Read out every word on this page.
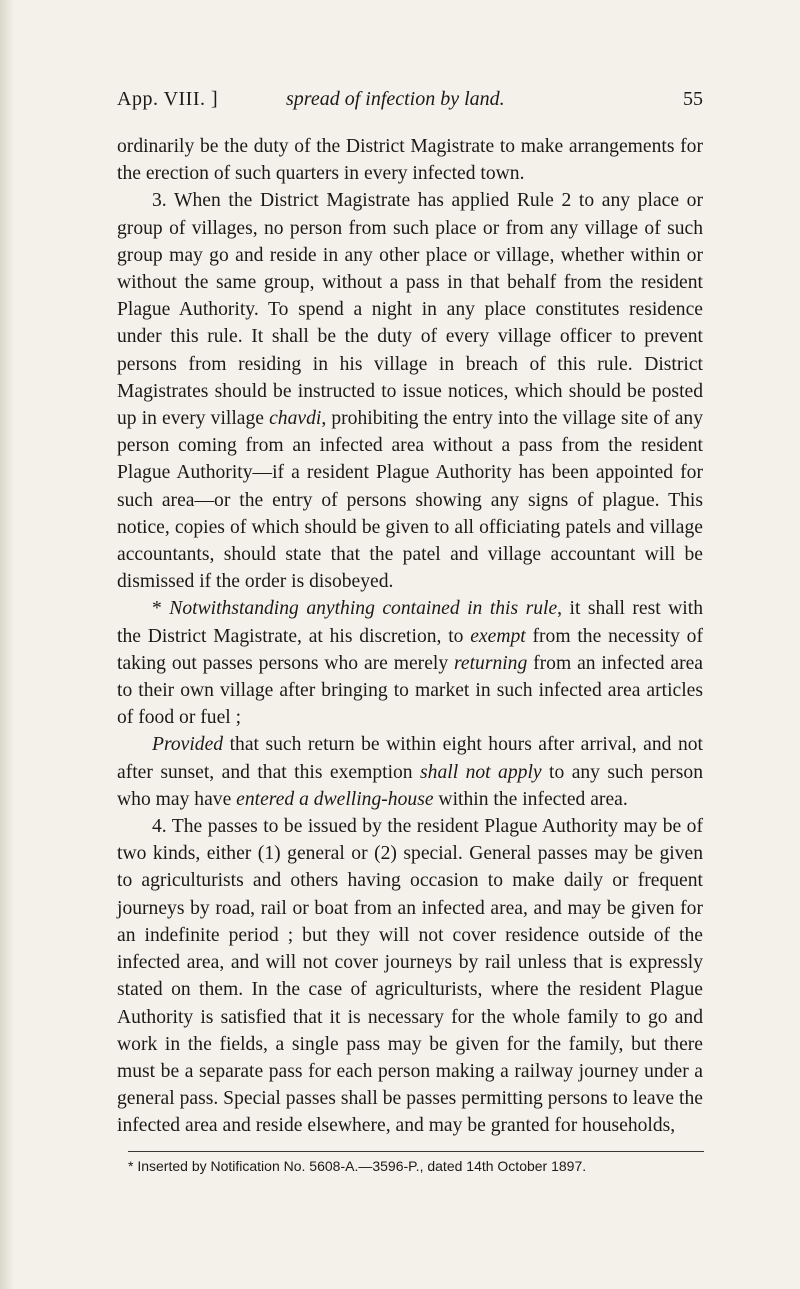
App. VIII. ]	spread of infection by land.	55

ordinarily be the duty of the District Magistrate to make arrangements for the erection of such quarters in every infected town.

3. When the District Magistrate has applied Rule 2 to any place or group of villages, no person from such place or from any village of such group may go and reside in any other place or village, whether within or without the same group, without a pass in that behalf from the resident Plague Authority. To spend a night in any place constitutes residence under this rule. It shall be the duty of every village officer to prevent persons from residing in his village in breach of this rule. District Magistrates should be instructed to issue notices, which should be posted up in every village chavdi, prohibiting the entry into the village site of any person coming from an infected area without a pass from the resident Plague Authority—if a resident Plague Authority has been appointed for such area—or the entry of persons showing any signs of plague. This notice, copies of which should be given to all officiating patels and village accountants, should state that the patel and village accountant will be dismissed if the order is disobeyed.

* Notwithstanding anything contained in this rule, it shall rest with the District Magistrate, at his discretion, to exempt from the necessity of taking out passes persons who are merely returning from an infected area to their own village after bringing to market in such infected area articles of food or fuel ;

Provided that such return be within eight hours after arrival, and not after sunset, and that this exemption shall not apply to any such person who may have entered a dwelling-house within the infected area.

4. The passes to be issued by the resident Plague Authority may be of two kinds, either (1) general or (2) special. General passes may be given to agriculturists and others having occasion to make daily or frequent journeys by road, rail or boat from an infected area, and may be given for an indefinite period ; but they will not cover residence outside of the infected area, and will not cover journeys by rail unless that is expressly stated on them. In the case of agriculturists, where the resident Plague Authority is satisfied that it is necessary for the whole family to go and work in the fields, a single pass may be given for the family, but there must be a separate pass for each person making a railway journey under a general pass. Special passes shall be passes permitting persons to leave the infected area and reside elsewhere, and may be granted for households,

* Inserted by Notification No. 5608-A.—3596-P., dated 14th October 1897.
